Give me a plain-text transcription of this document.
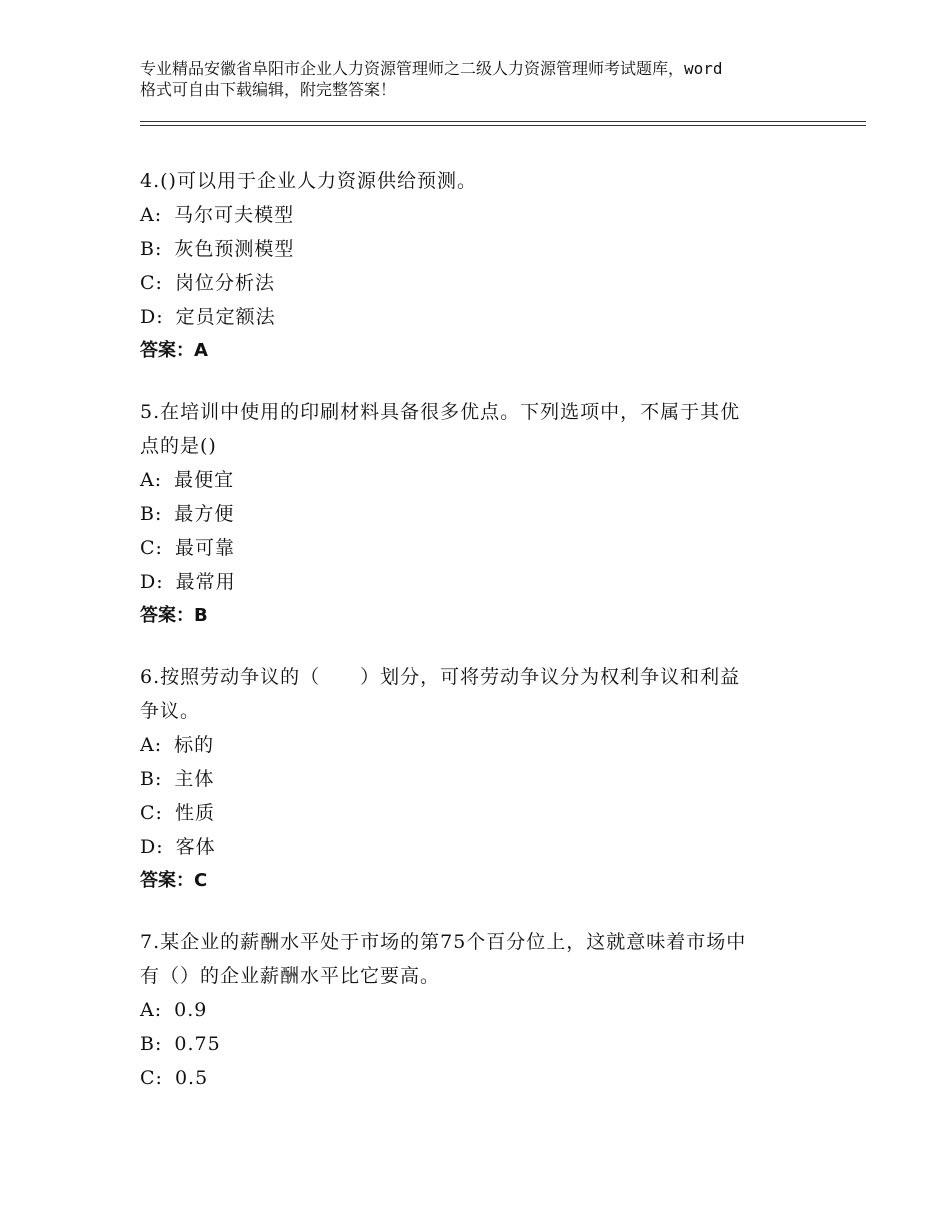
专业精品安徽省阜阳市企业人力资源管理师之二级人力资源管理师考试题库，word
格式可自由下载编辑，附完整答案！

4.()可以用于企业人力资源供给预测。

A: 马尔可夫模型

B: 灰色预测模型

C: 岗位分析法

D: 定员定额法

答案：A

5.在培训中使用的印刷材料具备很多优点。下列选项中，不属于其优

点的是()

A: 最便宜

B: 最方便

C: 最可靠

D: 最常用

答案：B

6.按照劳动争议的（　　）划分，可将劳动争议分为权利争议和利益

争议。

A: 标的

B: 主体

C: 性质

D: 客体

答案：C

7.某企业的薪酬水平处于市场的第75个百分位上，这就意味着市场中

有（）的企业薪酬水平比它要高。

A: 0.9

B: 0.75

C: 0.5
